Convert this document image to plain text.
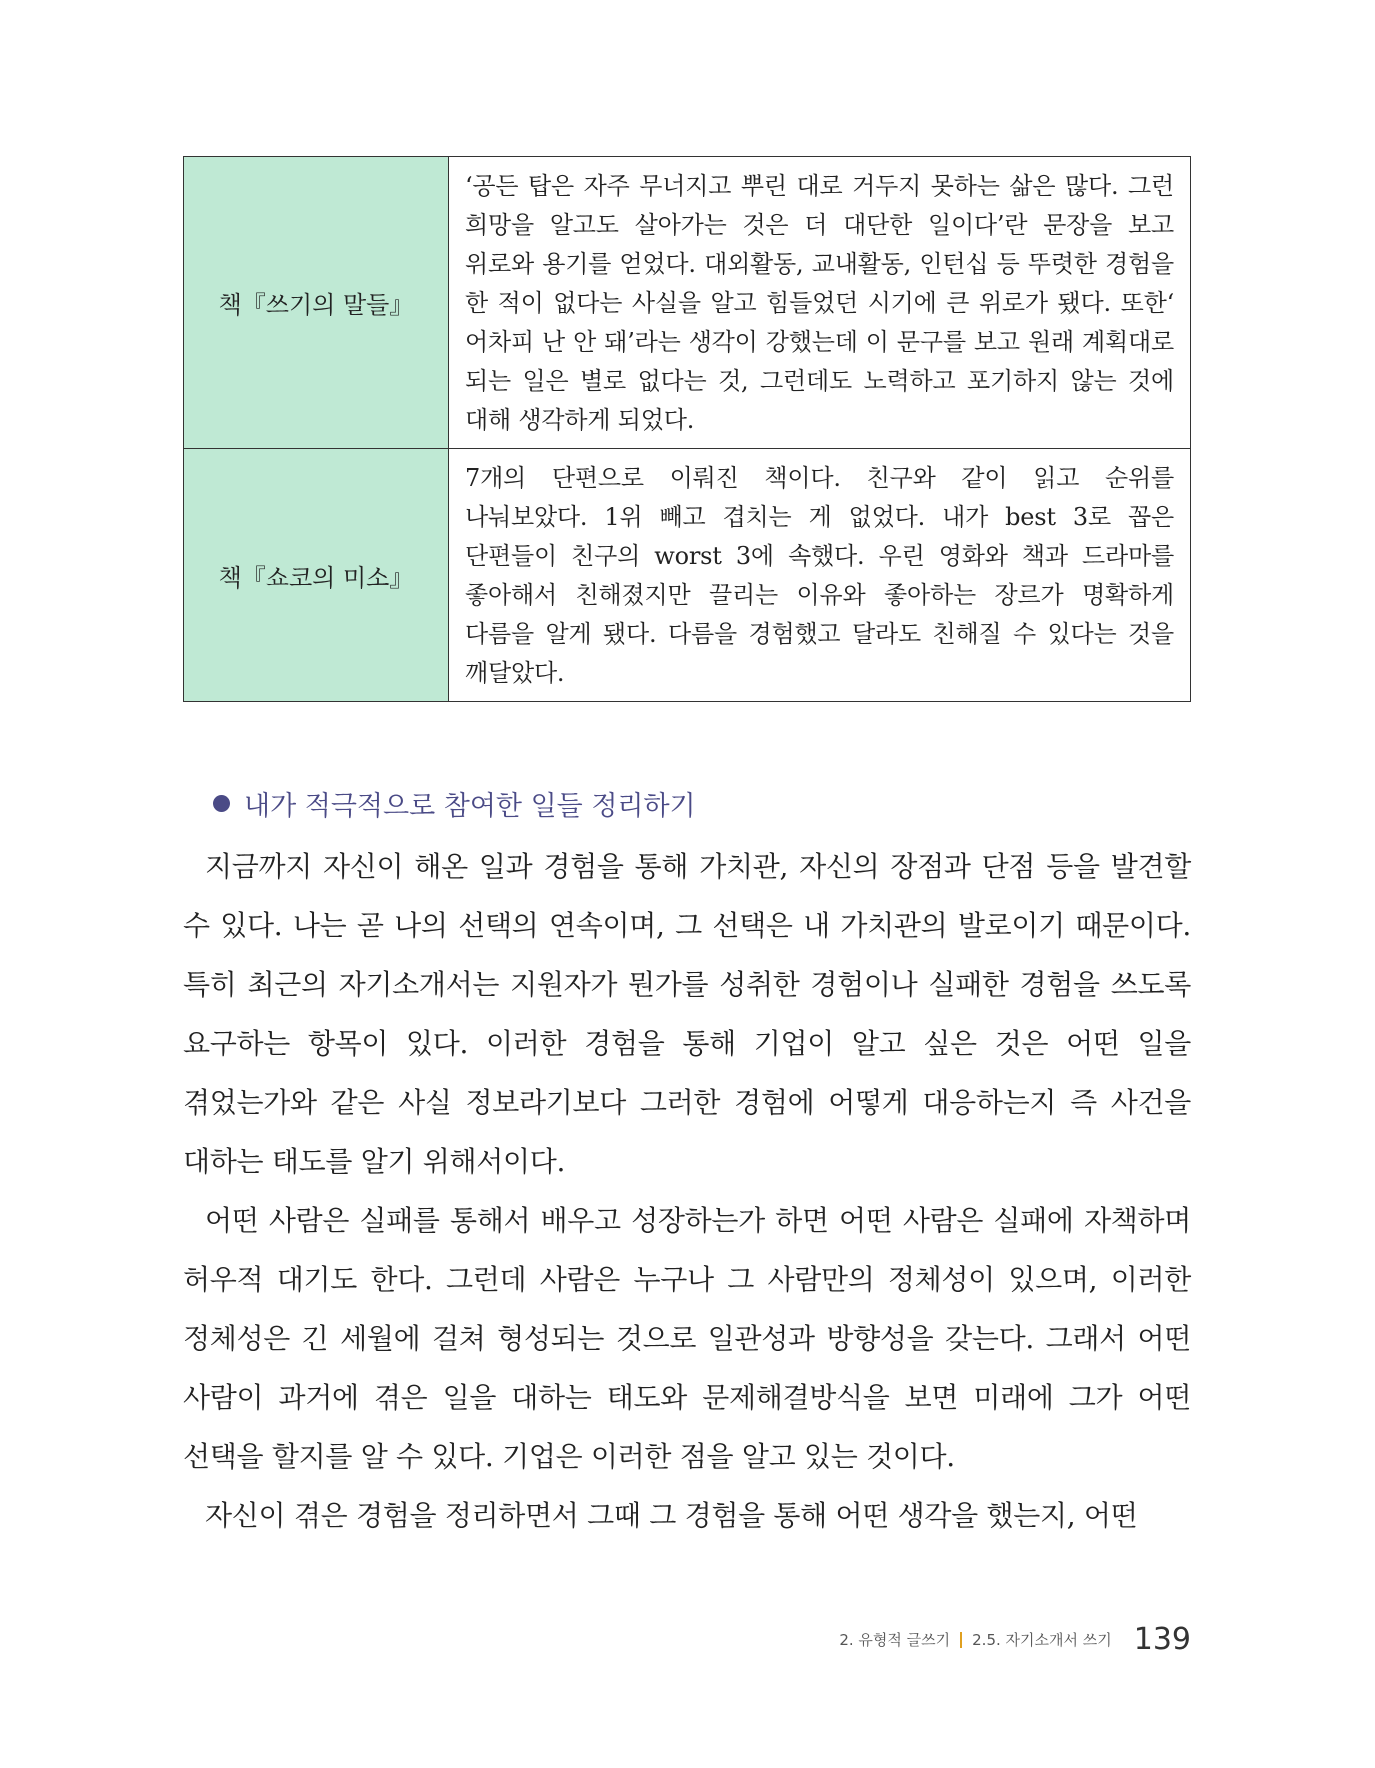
책『쓰기의 말들』	‘공든 탑은 자주 무너지고 뿌린 대로 거두지 못하는 삶은 많다. 그런 희망을 알고도 살아가는 것은 더 대단한 일이다’란 문장을 보고 위로와 용기를 얻었다. 대외활동, 교내활동, 인턴십 등 뚜렷한 경험을 한 적이 없다는 사실을 알고 힘들었던 시기에 큰 위로가 됐다. 또한‘ 어차피 난 안 돼’라는 생각이 강했는데 이 문구를 보고 원래 계획대로 되는 일은 별로 없다는 것, 그런데도 노력하고 포기하지 않는 것에 대해 생각하게 되었다.
책『쇼코의 미소』	7개의 단편으로 이뤄진 책이다. 친구와 같이 읽고 순위를 나눠보았다. 1위 빼고 겹치는 게 없었다. 내가 best 3로 꼽은 단편들이 친구의 worst 3에 속했다. 우린 영화와 책과 드라마를 좋아해서 친해졌지만 끌리는 이유와 좋아하는 장르가 명확하게 다름을 알게 됐다. 다름을 경험했고 달라도 친해질 수 있다는 것을 깨달았다.
내가 적극적으로 참여한 일들 정리하기

지금까지 자신이 해온 일과 경험을 통해 가치관, 자신의 장점과 단점 등을 발견할 수 있다. 나는 곧 나의 선택의 연속이며, 그 선택은 내 가치관의 발로이기 때문이다. 특히 최근의 자기소개서는 지원자가 뭔가를 성취한 경험이나 실패한 경험을 쓰도록 요구하는 항목이 있다. 이러한 경험을 통해 기업이 알고 싶은 것은 어떤 일을 겪었는가와 같은 사실 정보라기보다 그러한 경험에 어떻게 대응하는지 즉 사건을 대하는 태도를 알기 위해서이다.

어떤 사람은 실패를 통해서 배우고 성장하는가 하면 어떤 사람은 실패에 자책하며 허우적 대기도 한다. 그런데 사람은 누구나 그 사람만의 정체성이 있으며, 이러한 정체성은 긴 세월에 걸쳐 형성되는 것으로 일관성과 방향성을 갖는다. 그래서 어떤 사람이 과거에 겪은 일을 대하는 태도와 문제해결방식을 보면 미래에 그가 어떤 선택을 할지를 알 수 있다. 기업은 이러한 점을 알고 있는 것이다.

자신이 겪은 경험을 정리하면서 그때 그 경험을 통해 어떤 생각을 했는지, 어떤

2. 유형적 글쓰기 2.5. 자기소개서 쓰기 139
